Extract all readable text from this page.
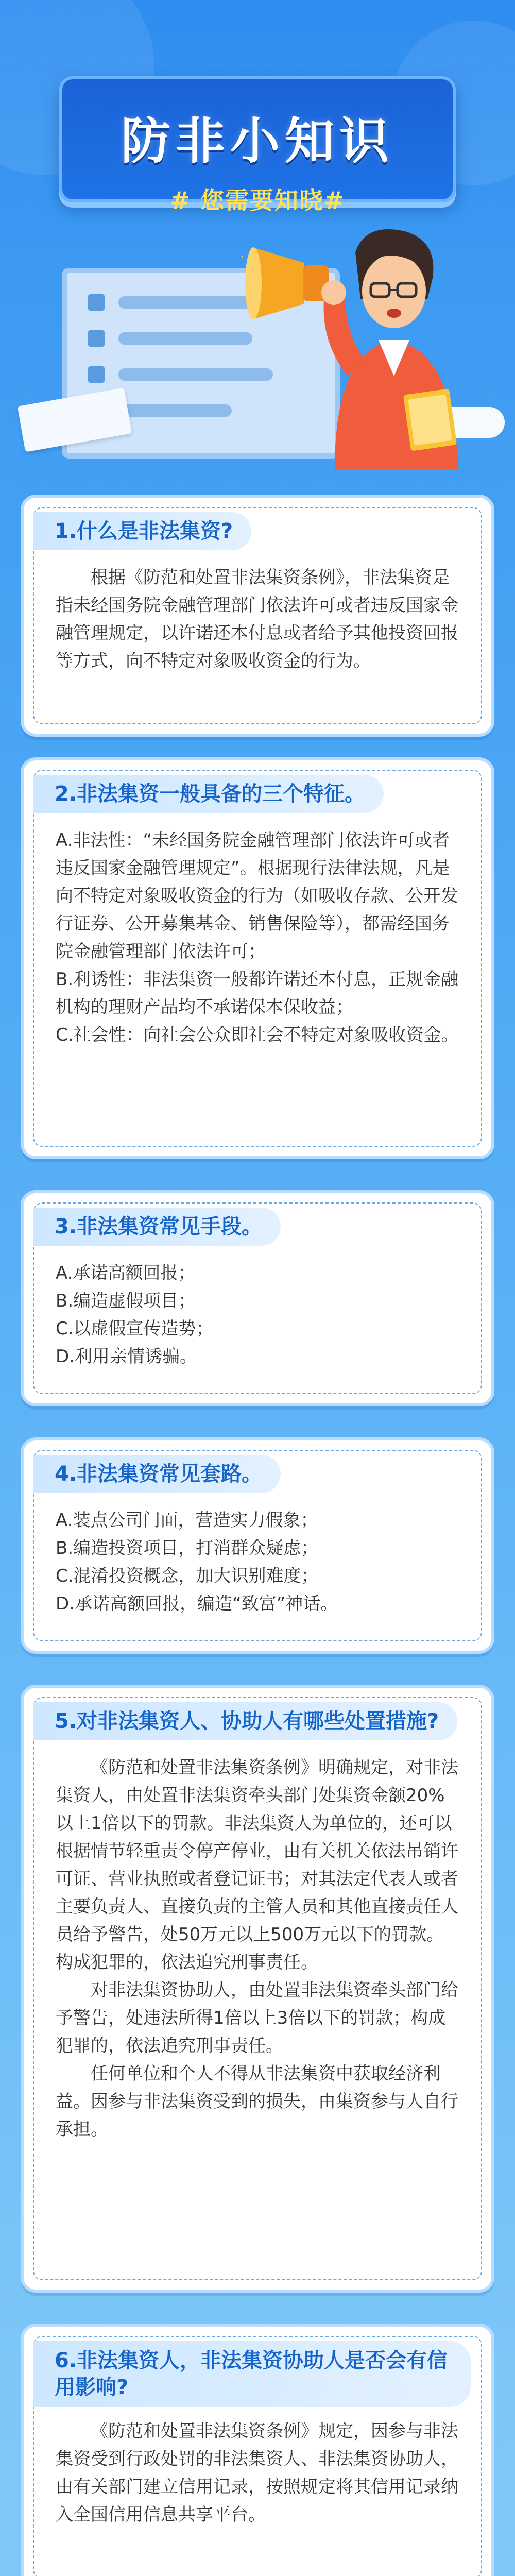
防非小知识
# 您需要知晓#
1.什么是非法集资?

根据《防范和处置非法集资条例》，非法集资是指未经国务院金融管理部门依法许可或者违反国家金融管理规定，以许诺还本付息或者给予其他投资回报等方式，向不特定对象吸收资金的行为。

2.非法集资一般具备的三个特征。

A.非法性：“未经国务院金融管理部门依法许可或者违反国家金融管理规定”。根据现行法律法规，凡是向不特定对象吸收资金的行为（如吸收存款、公开发行证券、公开募集基金、销售保险等），都需经国务院金融管理部门依法许可；

B.利诱性：非法集资一般都许诺还本付息，正规金融机构的理财产品均不承诺保本保收益；

C.社会性：向社会公众即社会不特定对象吸收资金。

3.非法集资常见手段。

A.承诺高额回报；

B.编造虚假项目；

C.以虚假宣传造势；

D.利用亲情诱骗。

4.非法集资常见套路。

A.装点公司门面，营造实力假象；

B.编造投资项目，打消群众疑虑；

C.混淆投资概念，加大识别难度；

D.承诺高额回报，编造“致富”神话。

5.对非法集资人、协助人有哪些处置措施?

《防范和处置非法集资条例》明确规定，对非法集资人，由处置非法集资牵头部门处集资金额20%以上1倍以下的罚款。非法集资人为单位的，还可以根据情节轻重责令停产停业，由有关机关依法吊销许可证、营业执照或者登记证书；对其法定代表人或者主要负责人、直接负责的主管人员和其他直接责任人员给予警告，处50万元以上500万元以下的罚款。构成犯罪的，依法追究刑事责任。

对非法集资协助人，由处置非法集资牵头部门给予警告，处违法所得1倍以上3倍以下的罚款；构成犯罪的，依法追究刑事责任。

任何单位和个人不得从非法集资中获取经济利益。因参与非法集资受到的损失，由集资参与人自行承担。

6.非法集资人，非法集资协助人是否会有信用影响?

《防范和处置非法集资条例》规定，因参与非法集资受到行政处罚的非法集资人、非法集资协助人，由有关部门建立信用记录，按照规定将其信用记录纳入全国信用信息共享平台。
